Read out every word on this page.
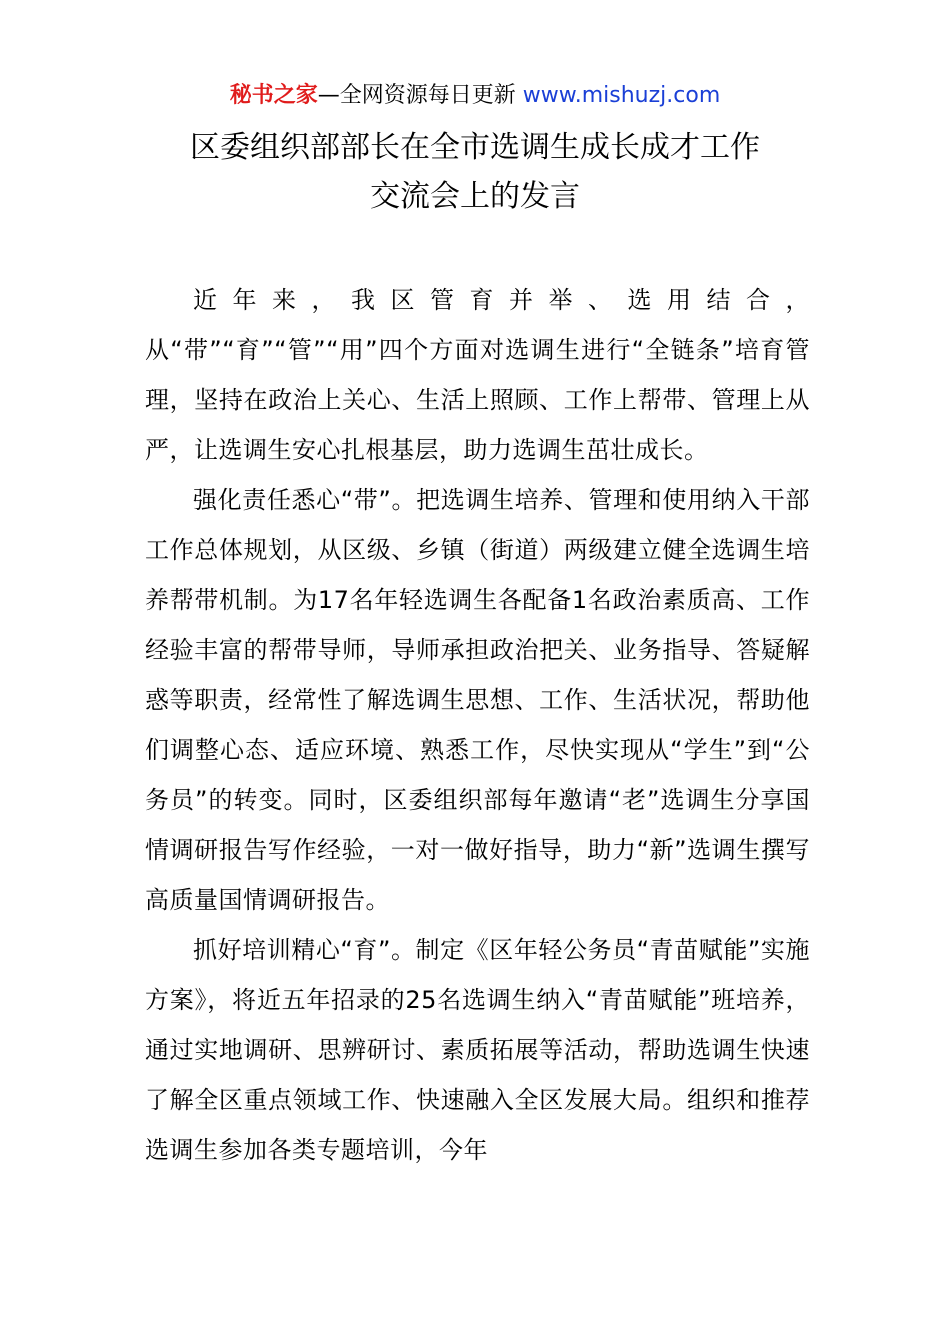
秘书之家—全网资源每日更新 www.mishuzj.com
区委组织部部长在全市选调生成长成才工作
交流会上的发言

近年来，我区管育并举、选用结合，从“带”“育”“管”“用”四个方面对选调生进行“全链条”培育管理，坚持在政治上关心、生活上照顾、工作上帮带、管理上从严，让选调生安心扎根基层，助力选调生茁壮成长。

强化责任悉心“带”。把选调生培养、管理和使用纳入干部工作总体规划，从区级、乡镇（街道）两级建立健全选调生培养帮带机制。为17名年轻选调生各配备1名政治素质高、工作经验丰富的帮带导师，导师承担政治把关、业务指导、答疑解惑等职责，经常性了解选调生思想、工作、生活状况，帮助他们调整心态、适应环境、熟悉工作，尽快实现从“学生”到“公务员”的转变。同时，区委组织部每年邀请“老”选调生分享国情调研报告写作经验，一对一做好指导，助力“新”选调生撰写高质量国情调研报告。

抓好培训精心“育”。制定《区年轻公务员“青苗赋能”实施方案》，将近五年招录的25名选调生纳入“青苗赋能”班培养，通过实地调研、思辨研讨、素质拓展等活动，帮助选调生快速了解全区重点领域工作、快速融入全区发展大局。组织和推荐选调生参加各类专题培训，今年
